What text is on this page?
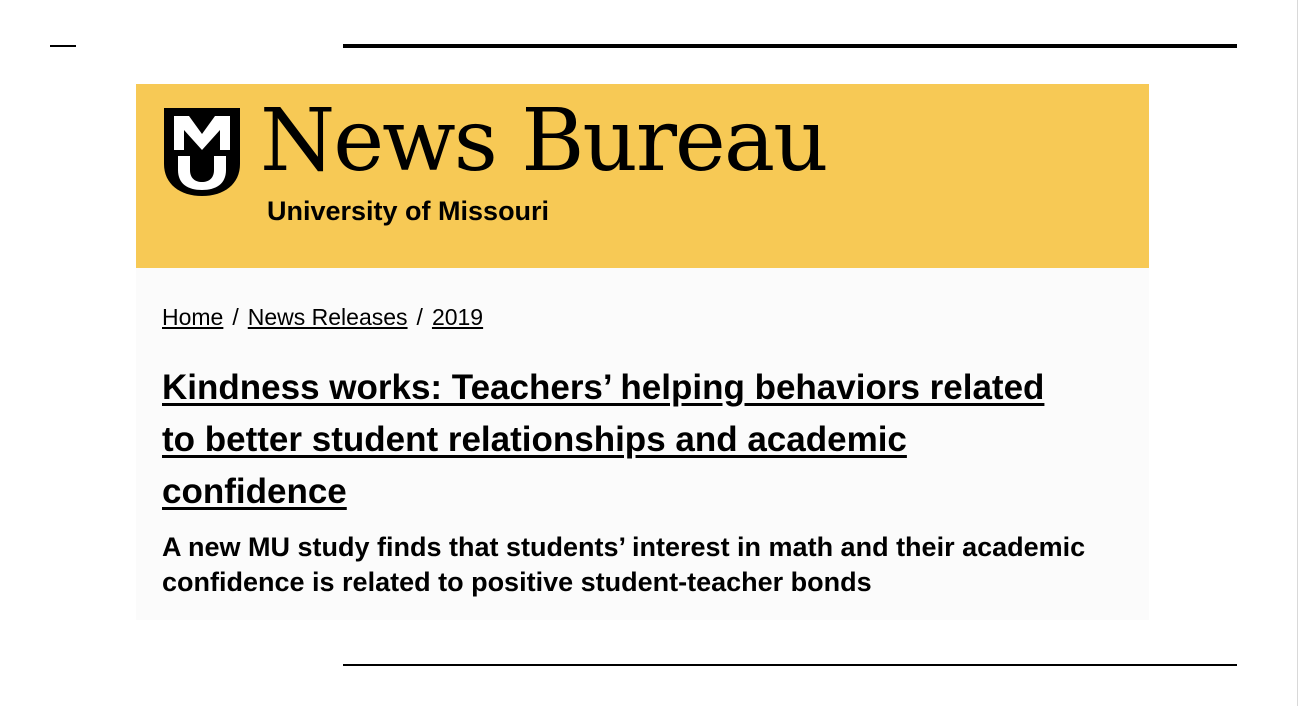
News Bureau
University of Missouri
Home / News Releases / 2019
Kindness works: Teachers’ helping behaviors related to better student relationships and academic confidence

A new MU study finds that students’ interest in math and their academic confidence is related to positive student-teacher bonds
